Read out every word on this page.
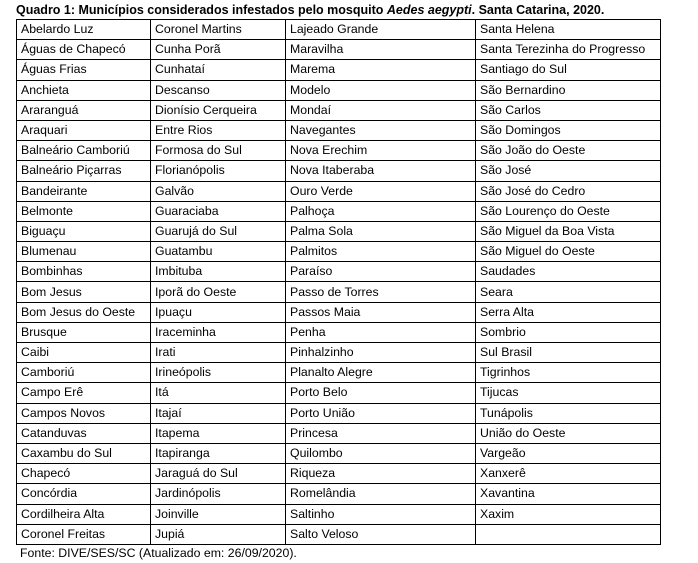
Quadro 1: Municípios considerados infestados pelo mosquito Aedes aegypti. Santa Catarina, 2020.
Abelardo Luz	Coronel Martins	Lajeado Grande	Santa Helena
Águas de Chapecó	Cunha Porã	Maravilha	Santa Terezinha do Progresso
Águas Frias	Cunhataí	Marema	Santiago do Sul
Anchieta	Descanso	Modelo	São Bernardino
Araranguá	Dionísio Cerqueira	Mondaí	São Carlos
Araquari	Entre Rios	Navegantes	São Domingos
Balneário Camboriú	Formosa do Sul	Nova Erechim	São João do Oeste
Balneário Piçarras	Florianópolis	Nova Itaberaba	São José
Bandeirante	Galvão	Ouro Verde	São José do Cedro
Belmonte	Guaraciaba	Palhoça	São Lourenço do Oeste
Biguaçu	Guarujá do Sul	Palma Sola	São Miguel da Boa Vista
Blumenau	Guatambu	Palmitos	São Miguel do Oeste
Bombinhas	Imbituba	Paraíso	Saudades
Bom Jesus	Iporã do Oeste	Passo de Torres	Seara
Bom Jesus do Oeste	Ipuaçu	Passos Maia	Serra Alta
Brusque	Iraceminha	Penha	Sombrio
Caibi	Irati	Pinhalzinho	Sul Brasil
Camboriú	Irineópolis	Planalto Alegre	Tigrinhos
Campo Erê	Itá	Porto Belo	Tijucas
Campos Novos	Itajaí	Porto União	Tunápolis
Catanduvas	Itapema	Princesa	União do Oeste
Caxambu do Sul	Itapiranga	Quilombo	Vargeão
Chapecó	Jaraguá do Sul	Riqueza	Xanxerê
Concórdia	Jardinópolis	Romelândia	Xavantina
Cordilheira Alta	Joinville	Saltinho	Xaxim
Coronel Freitas	Jupiá	Salto Veloso	
Fonte: DIVE/SES/SC (Atualizado em: 26/09/2020).
